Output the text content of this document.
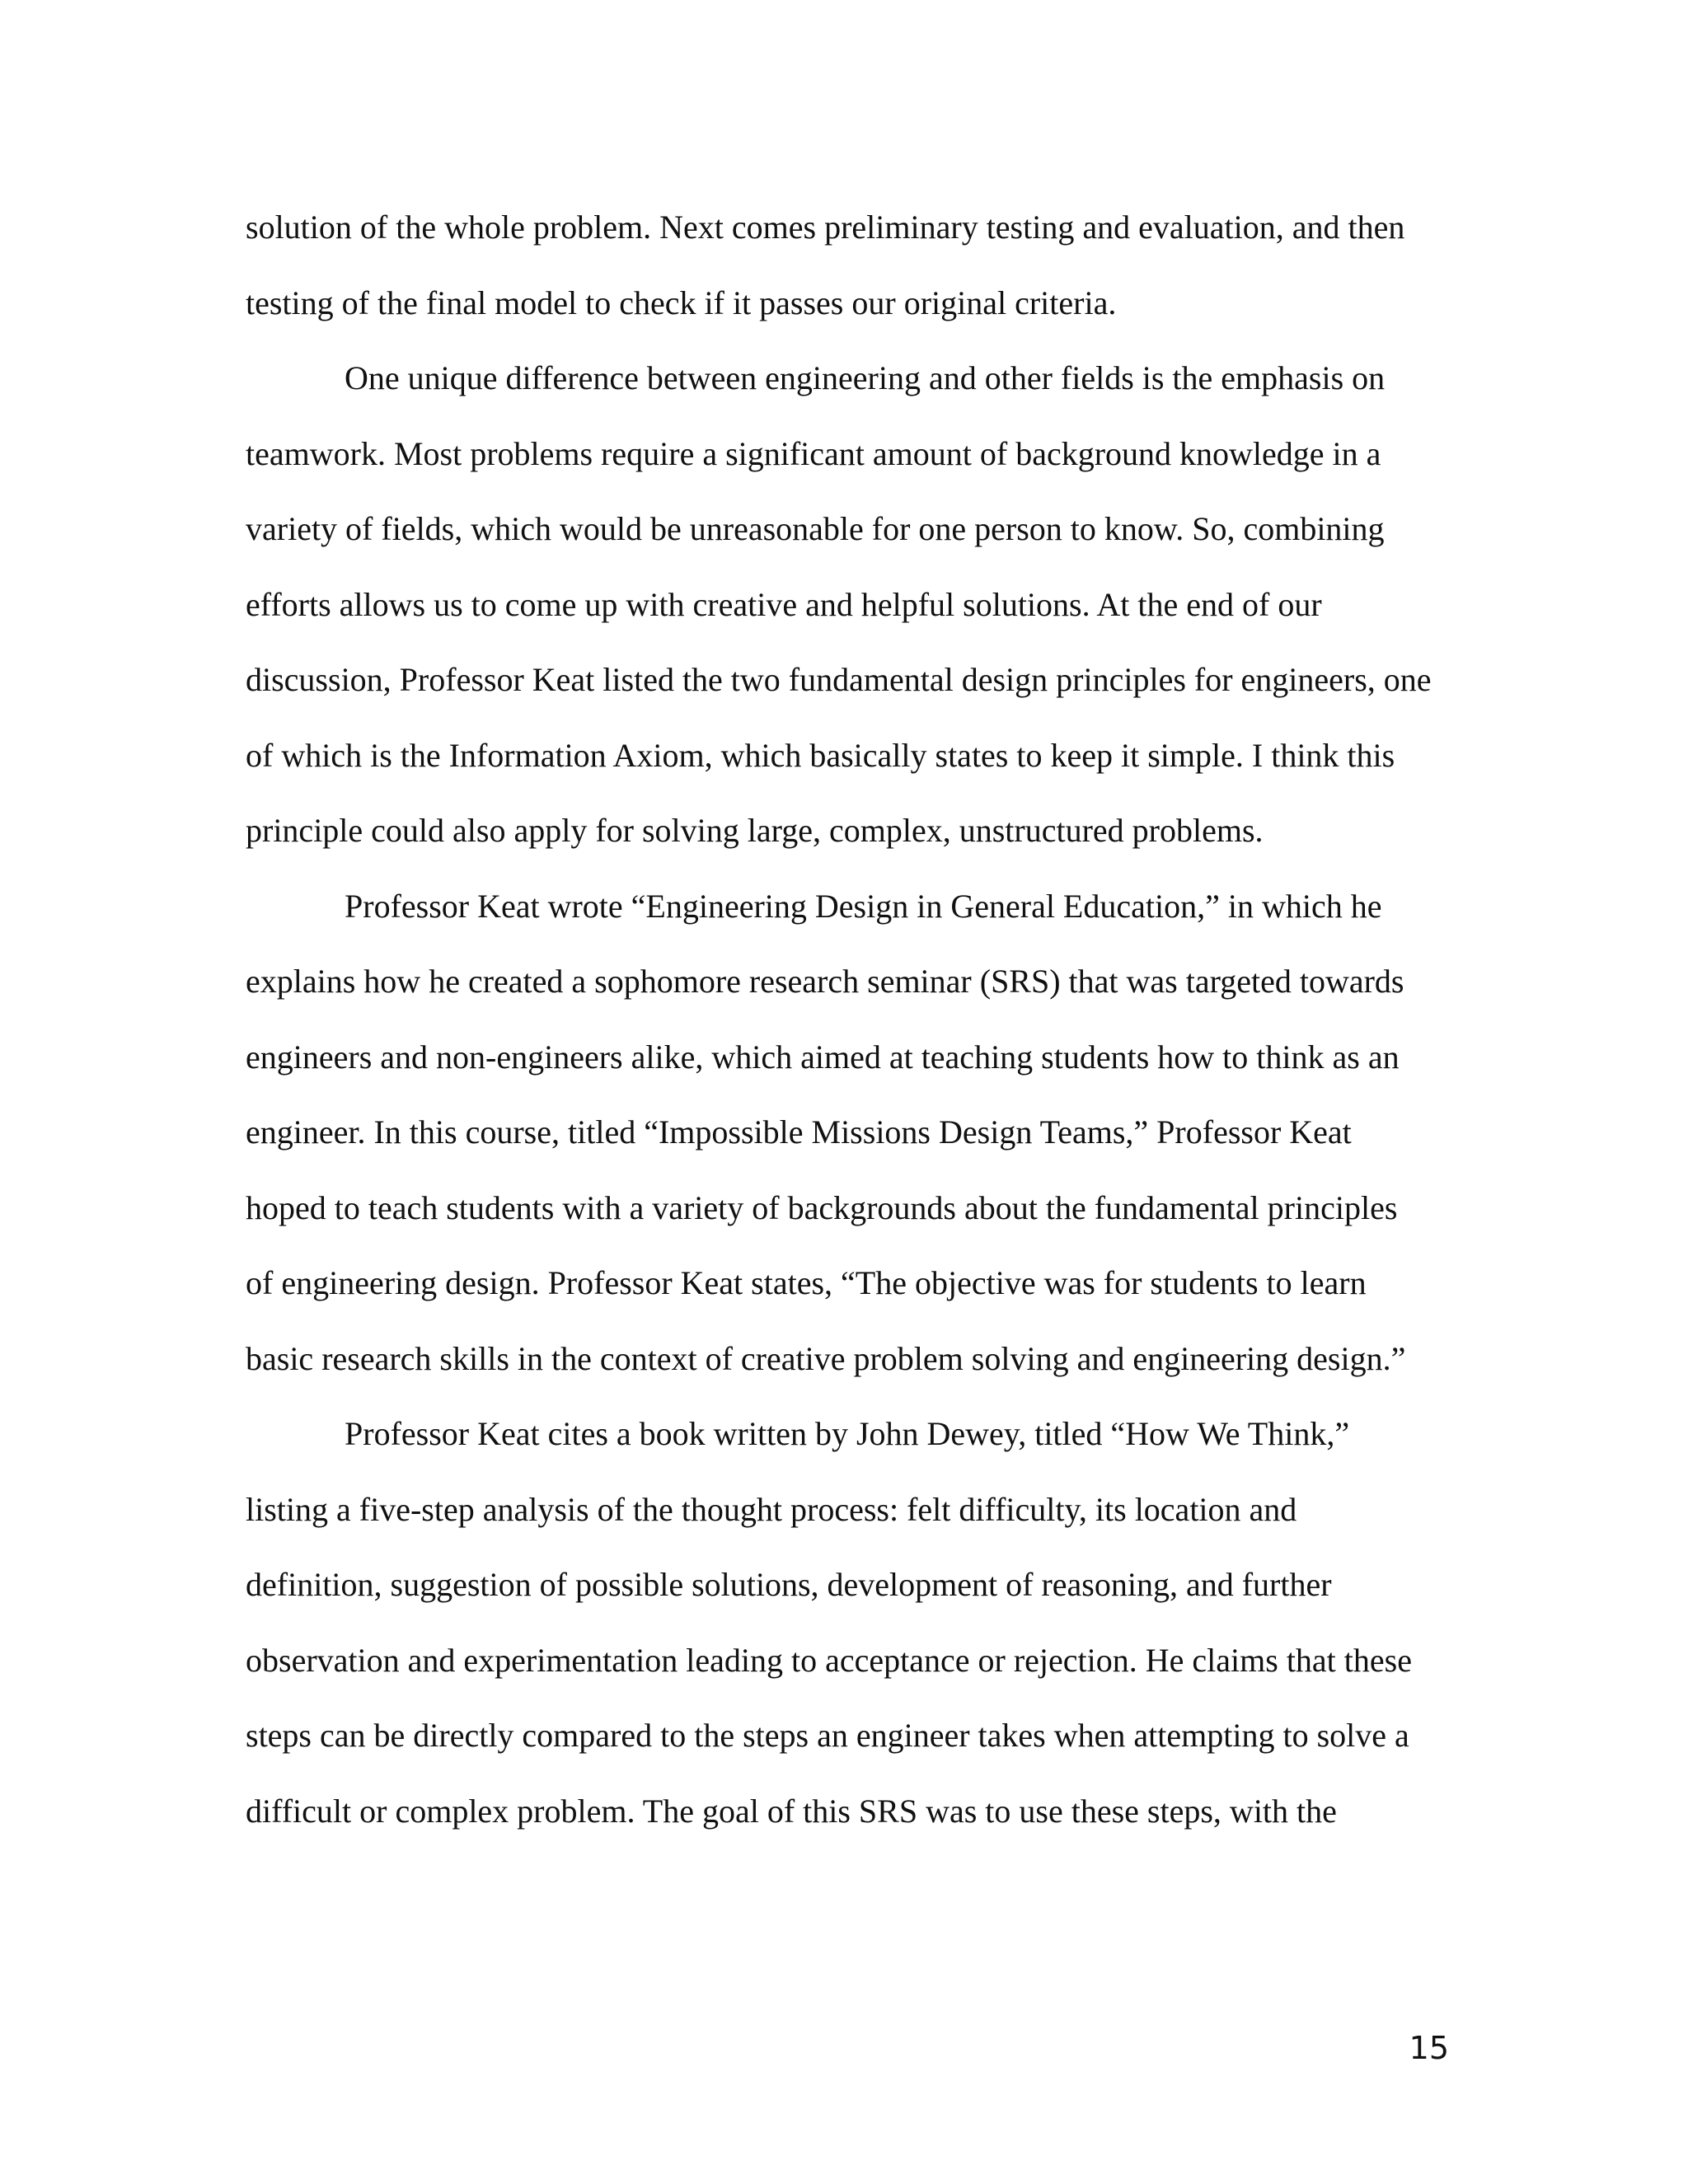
solution of the whole problem. Next comes preliminary testing and evaluation, and then
testing of the final model to check if it passes our original criteria.
One unique difference between engineering and other fields is the emphasis on
teamwork. Most problems require a significant amount of background knowledge in a
variety of fields, which would be unreasonable for one person to know. So, combining
efforts allows us to come up with creative and helpful solutions. At the end of our
discussion, Professor Keat listed the two fundamental design principles for engineers, one
of which is the Information Axiom, which basically states to keep it simple. I think this
principle could also apply for solving large, complex, unstructured problems.
Professor Keat wrote “Engineering Design in General Education,” in which he
explains how he created a sophomore research seminar (SRS) that was targeted towards
engineers and non-engineers alike, which aimed at teaching students how to think as an
engineer. In this course, titled “Impossible Missions Design Teams,” Professor Keat
hoped to teach students with a variety of backgrounds about the fundamental principles
of engineering design. Professor Keat states, “The objective was for students to learn
basic research skills in the context of creative problem solving and engineering design.”
Professor Keat cites a book written by John Dewey, titled “How We Think,”
listing a five-step analysis of the thought process: felt difficulty, its location and
definition, suggestion of possible solutions, development of reasoning, and further
observation and experimentation leading to acceptance or rejection. He claims that these
steps can be directly compared to the steps an engineer takes when attempting to solve a
difficult or complex problem. The goal of this SRS was to use these steps, with the
15
